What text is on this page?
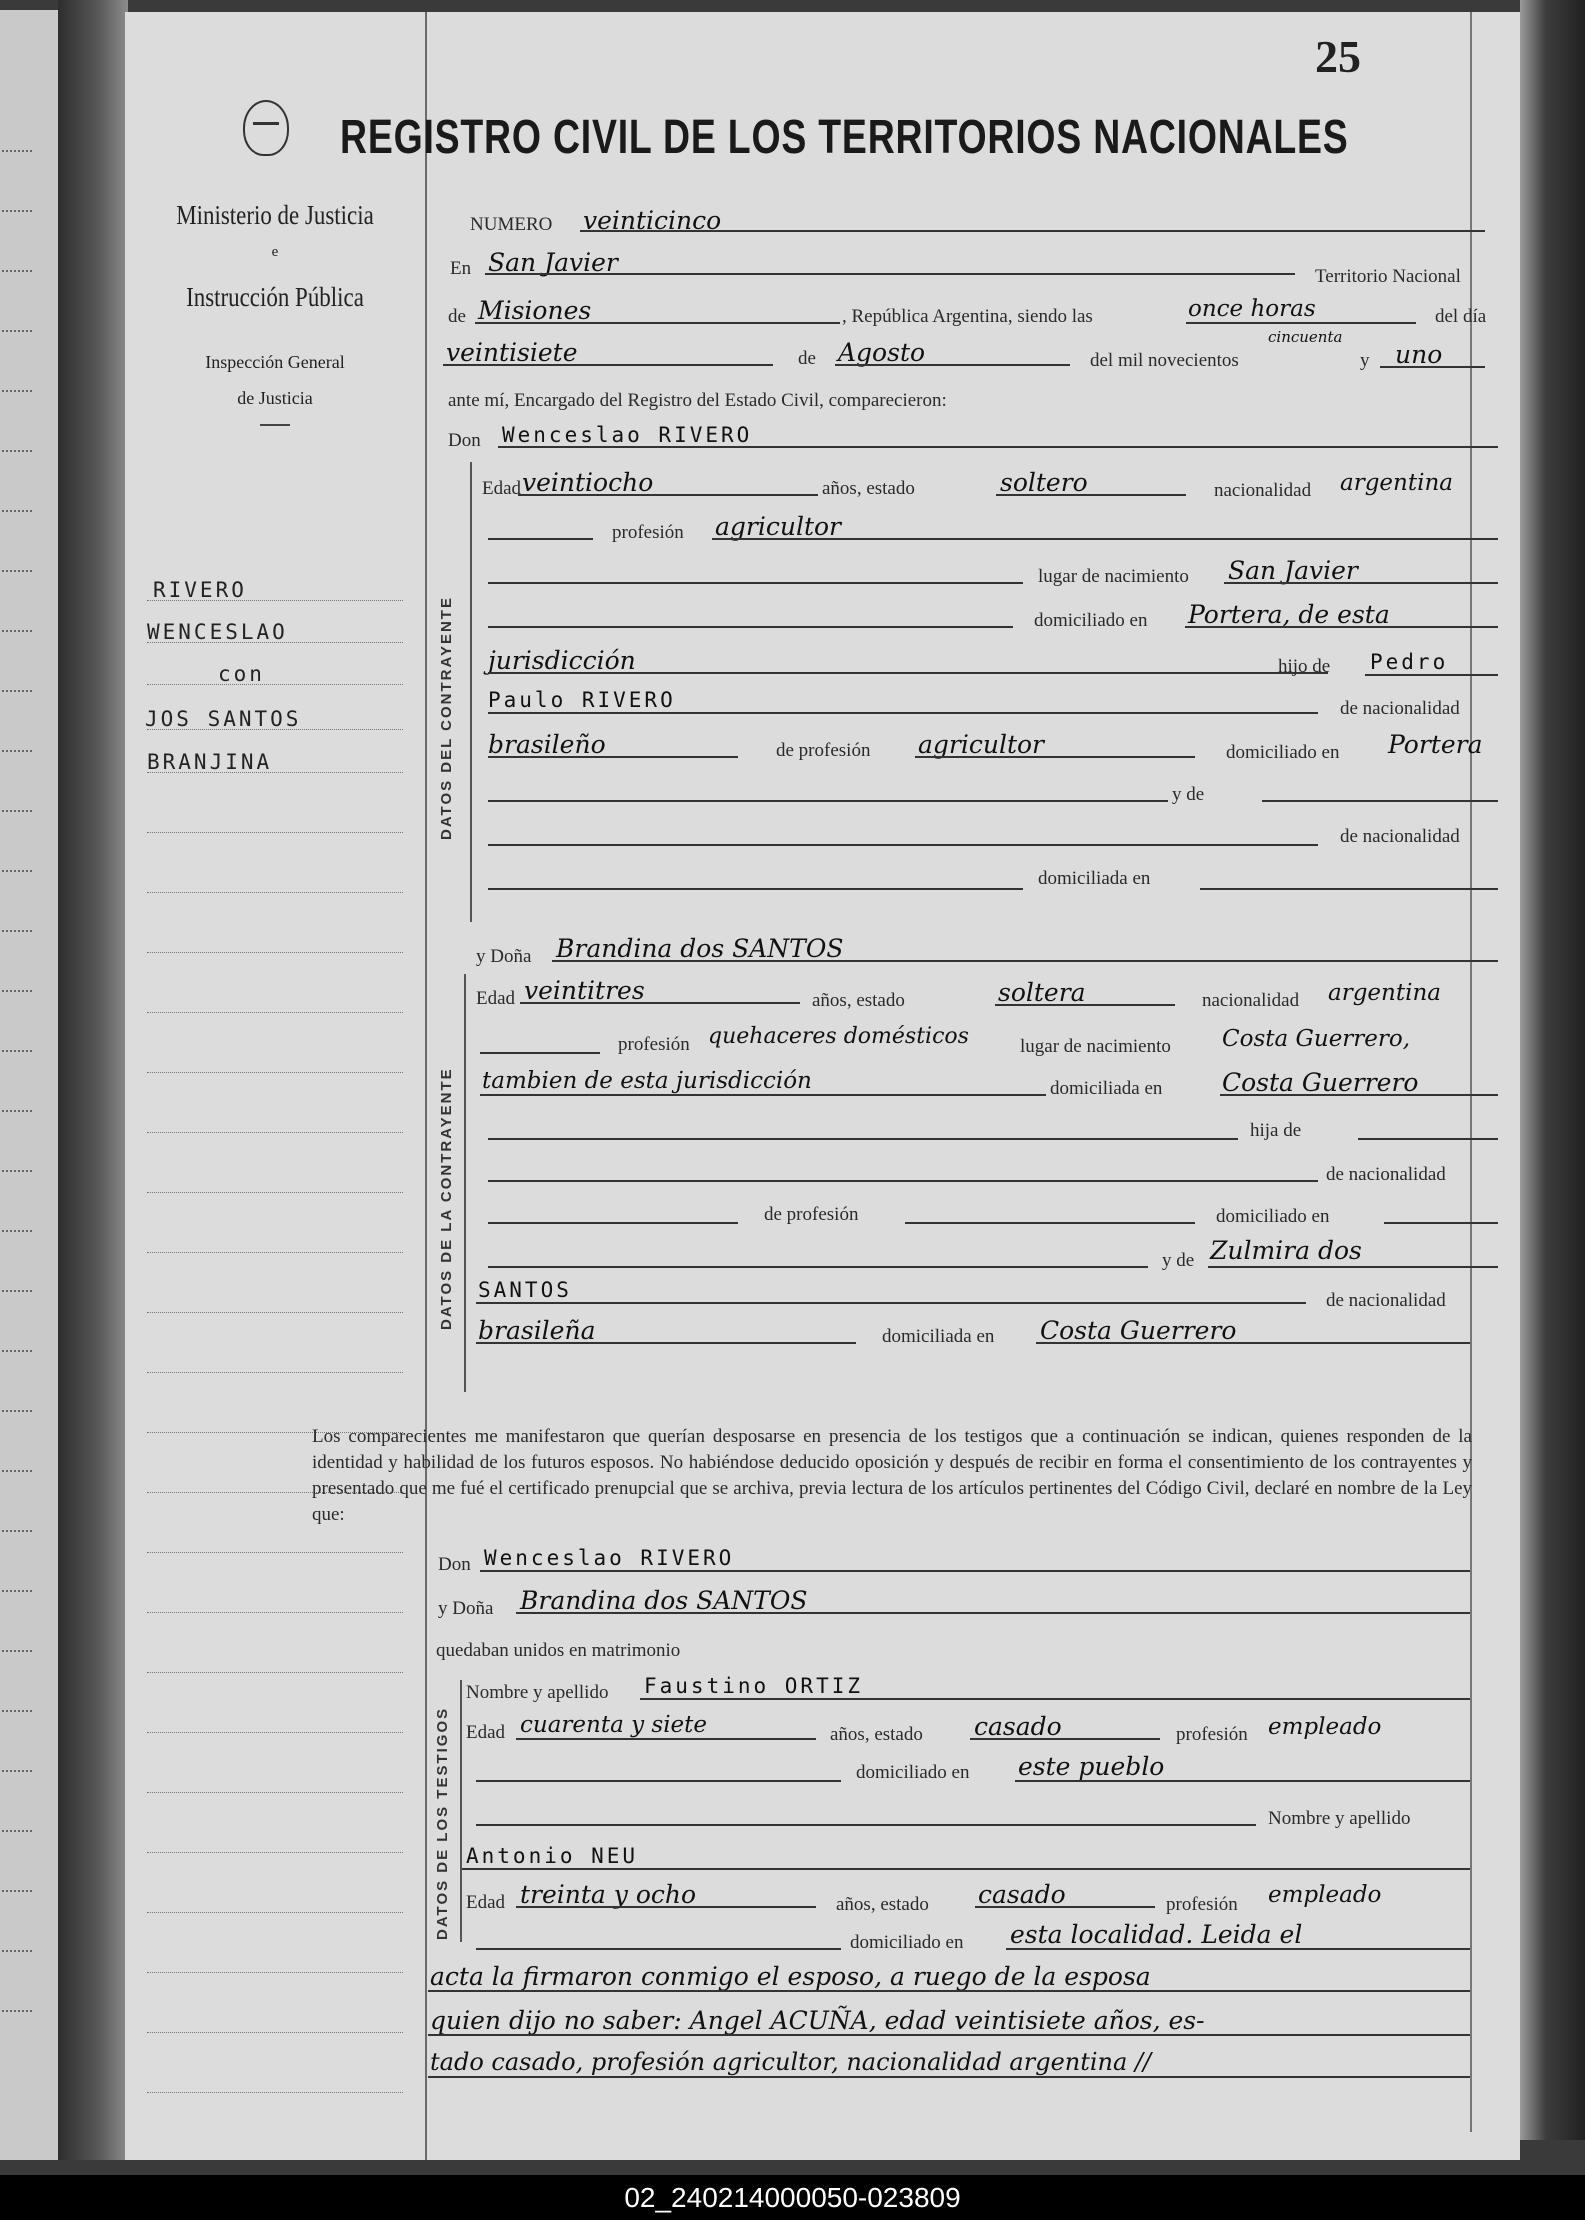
Ministerio de Justicia
e
Instrucción Pública
Inspección General
de Justicia
RIVERO
WENCESLAO
con
JOS SANTOS
BRANJINA
25
REGISTRO CIVIL DE LOS TERRITORIOS NACIONALES
NUMERO veinticinco
En San Javier	Territorio Nacional
de Misiones	, República Argentina, siendo las	once horas	del día
veintisiete	de Agosto	del mil novecientos
cincuenta
y uno
ante mí, Encargado del Registro del Estado Civil, comparecieron:
Don Wenceslao RIVERO
DATOS DEL CONTRAYENTE
Edad veintiocho	años, estado	soltero	nacionalidad argentina
profesión agricultor
lugar de nacimiento San Javier
domiciliado en Portera, de esta
jurisdicción	hijo de Pedro
Paulo RIVERO	de nacionalidad
brasileño	de profesión agricultor	domiciliado en Portera
y de
de nacionalidad
domiciliada en
y Doña Brandina dos SANTOS
DATOS DE LA CONTRAYENTE
Edad veintitres	años, estado	soltera	nacionalidad argentina
profesión quehaceres domésticos	lugar de nacimiento Costa Guerrero,
tambien de esta jurisdicción	domiciliada en Costa Guerrero
hija de
de nacionalidad
de profesión	domiciliado en
y de Zulmira dos
SANTOS	de nacionalidad
brasileña	domiciliada en Costa Guerrero
Los comparecientes me manifestaron que querían desposarse en presencia de los testigos que a continuación se indican, quienes responden de la identidad y habilidad de los futuros esposos. No habiéndose deducido oposición y después de recibir en forma el consentimiento de los contrayentes y presentado que me fué el certificado prenupcial que se archiva, previa lectura de los artículos pertinentes del Código Civil, declaré en nombre de la Ley que:
Don Wenceslao RIVERO
y Doña Brandina dos SANTOS
quedaban unidos en matrimonio
DATOS DE LOS TESTIGOS
Nombre y apellido Faustino ORTIZ
Edad cuarenta y siete	años, estado casado	profesión empleado
domiciliado en este pueblo
Nombre y apellido
Antonio NEU
Edad treinta y ocho	años, estado casado	profesión empleado
domiciliado en esta localidad. Leida el
acta la firmaron conmigo el esposo, a ruego de la esposa
quien dijo no saber: Angel ACUÑA, edad veintisiete años, es-
tado casado, profesión agricultor, nacionalidad argentina //
02_240214000050-023809
